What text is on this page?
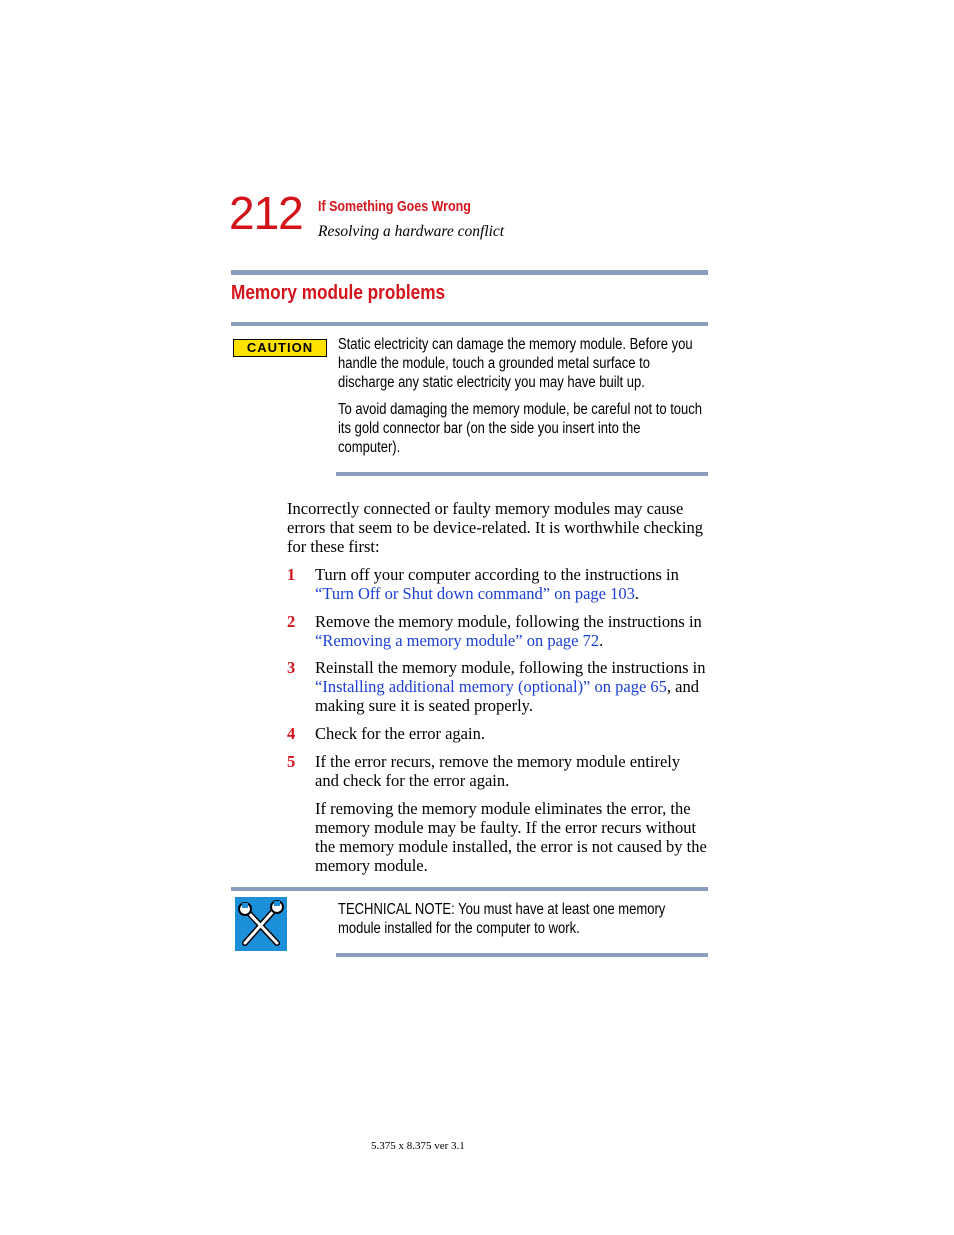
212 If Something Goes Wrong
Resolving a hardware conflict
Memory module problems
CAUTION	Static electricity can damage the memory module. Before you handle the module, touch a grounded metal surface to discharge any static electricity you may have built up.
To avoid damaging the memory module, be careful not to touch its gold connector bar (on the side you insert into the computer).
Incorrectly connected or faulty memory modules may cause errors that seem to be device-related. It is worthwhile checking for these first:
1 Turn off your computer according to the instructions in “Turn Off or Shut down command” on page 103.
2 Remove the memory module, following the instructions in “Removing a memory module” on page 72.
3 Reinstall the memory module, following the instructions in “Installing additional memory (optional)” on page 65, and making sure it is seated properly.
4 Check for the error again.
5 If the error recurs, remove the memory module entirely and check for the error again.
If removing the memory module eliminates the error, the memory module may be faulty. If the error recurs without the memory module installed, the error is not caused by the memory module.
TECHNICAL NOTE: You must have at least one memory module installed for the computer to work.
5.375 x 8.375 ver 3.1
